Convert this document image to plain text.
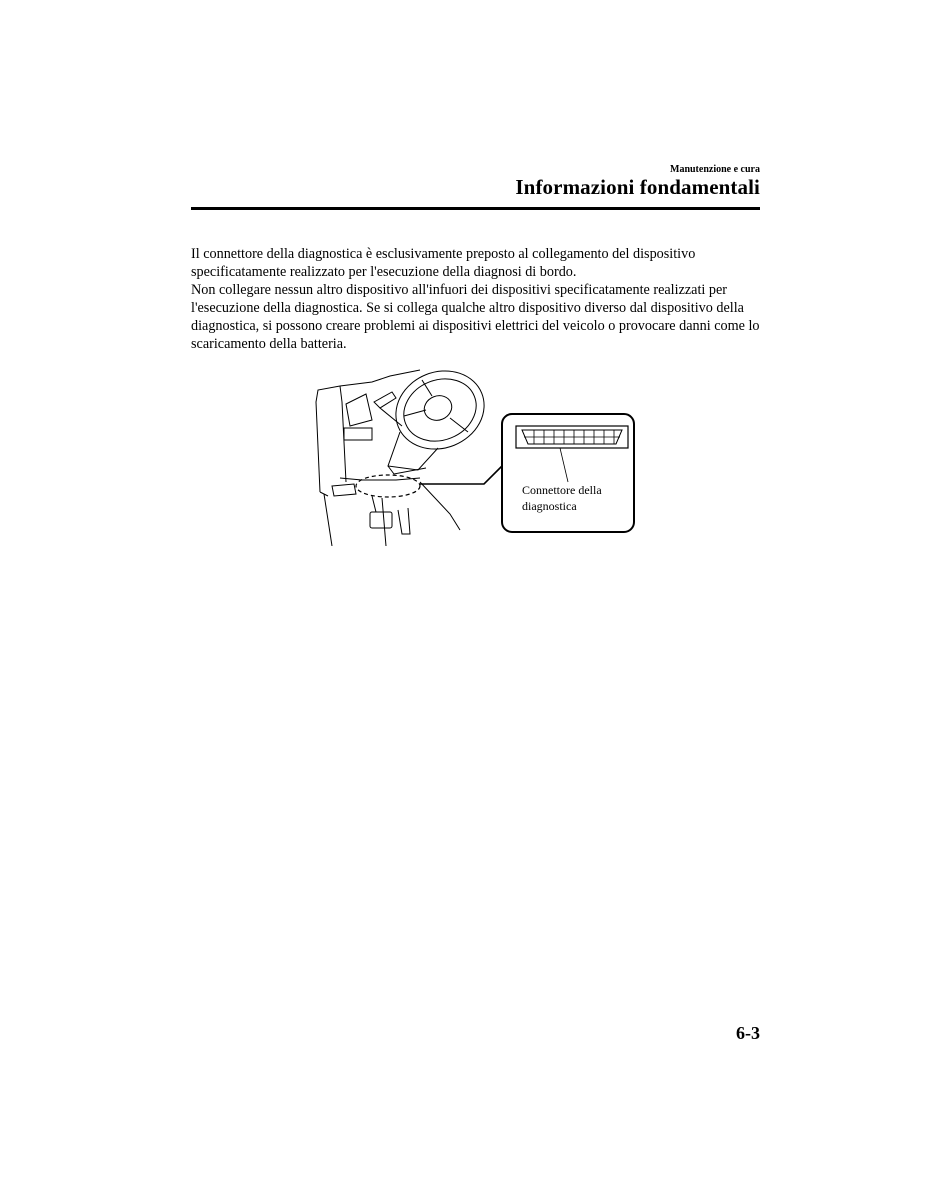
Manutenzione e cura
Informazioni fondamentali

Il connettore della diagnostica è esclusivamente preposto al collegamento del dispositivo specificatamente realizzato per l'esecuzione della diagnosi di bordo.

Non collegare nessun altro dispositivo all'infuori dei dispositivi specificatamente realizzati per l'esecuzione della diagnostica. Se si collega qualche altro dispositivo diverso dal dispositivo della diagnostica, si possono creare problemi ai dispositivi elettrici del veicolo o provocare danni come lo scaricamento della batteria.

Connettore della diagnostica
6-3
